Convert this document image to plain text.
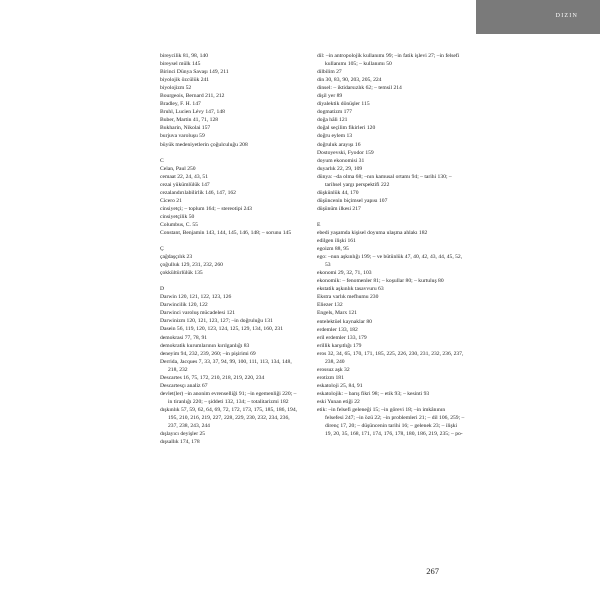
DIZIN
bireycilik 81, 98, 140
bireysel mülk 145
Birinci Dünya Savaşı 149, 211
biyolojik özcülük 241
biyolojizm 52
Bourgeois, Bernard 211, 212
Bradley, F. H. 147
Bruhl, Lucien Lévy 147, 148
Buber, Martin 41, 71, 128
Bukharin, Nikolai 157
burjuva varoluşu 59
büyük medeniyetlerin çoğulculuğu 208
C
Celan, Paul 250
cemaat 22, 24, 43, 51
cezai yükümlülük 147
cezalandırılabilirlik 146, 147, 162
Cicero 21
cinsiyetçi; – toplum 164; – stereotipi 243
cinsiyetçilik 50
Columbus, C. 55
Constant, Benjamin 143, 144, 145, 146, 148; – sorunu 145
Ç
çağdaşçılık 23
çoğulluk 129, 231, 232, 260
çokkültürlülük 135
D
Darwin 120, 121, 122, 123, 126
Darwincilik 120, 122
Darwinci varoluş mücadelesi 121
Darwinizm 120, 121, 123, 127; –in doğruluğu 131
Dasein 56, 119, 120, 123, 124, 125, 129, 134, 160, 231
demokrasi 77, 78, 91
demokratik kurumlarının kırılganlığı 83
deneyim 94, 232, 239, 260; –in pişirimi 69
Derrida, Jacques 7, 33, 37, 94, 99, 100, 111, 113, 134, 148, 218, 232
Descartes 16, 75, 172, 210, 218, 219, 220, 234
Descartesçı analiz 67
devlet(ler) –in anonim evrenselliği 91; –in egemenliği 220; –in tiranlığı 220; – şiddeti 132, 134; – totalitarizmi 182
dışkınlık 57, 59, 62, 64, 69, 72, 172, 173, 175, 185, 186, 194, 195, 210, 216, 219, 227, 228, 229, 230, 232, 234, 236, 237, 238, 243, 244
dışlayıcı deyişler 25
dışsallık 174, 178
dil: –in antropolojik kullanımı 99; –in fatik işlevi 27; –in felsefi kullanımı 105; – kullanımı 50
dilbilim 27
din 30, 83, 90, 203, 205, 224
dinsel: – iktidarsızlık 62; – temsil 214
dişil yer 89
diyalektik dönüşler 115
dogmatizm 177
doğa hâli 121
doğal seçilim fikirleri 120
doğru eylem 13
doğruluk arayışı 16
Dostoyevski, Fyodor 159
doyum ekonomisi 31
duyarlık 22, 29, 109
dünya: –da olma 68; –nın kamusal ortamı 94; – tarihi 130; – tarihsel yargı perspektifi 222
düşkünlük 44, 170
düşüncenin biçimsel yapısı 107
düşünüm ilkesi 217
E
ebedi yaşamda kişisel doyuma ulaşma ahlakı 182
edilgen ilişki 161
egoizm 88, 95
ego: –nun aşkınlığı 199; – ve bütünlük 47, 40, 42, 43, 44, 45, 52, 53
ekonomi 29, 32, 71, 103
ekonomik: – fenomenler 81; – koşullar 80; – kurtuluş 80
ekstatik aşkınlık tasavvuru 63
Ekstra varlık mefhumu 230
Eliezer 132
Engels, Marx 121
entelektüel kaynaklar 80
erdemler 133, 182
eril erdemler 133, 179
erillik karşıtlığı 179
eros 32, 34, 65, 170, 171, 185, 225, 226, 230, 231, 232, 236, 237, 238, 240
erossuz aşk 32
erotizm 181
eskatoloji 25, 84, 91
eskatolojik: – barış fikri 98; – etik 93; – kesinti 93
eski Yunan etiği 22
etik: –in felsefi geleneği 15; –in görevi 18; –in imkânının felsefesi 247; –in özü 22; –in problemleri 21; – dil 106, 259; – direnç 17, 20; – düşüncenin tarihi 16; – gelenek 23; – ilişki 19, 20, 35, 168, 171, 174, 176, 178, 180, 186, 219, 235; – po-
267
